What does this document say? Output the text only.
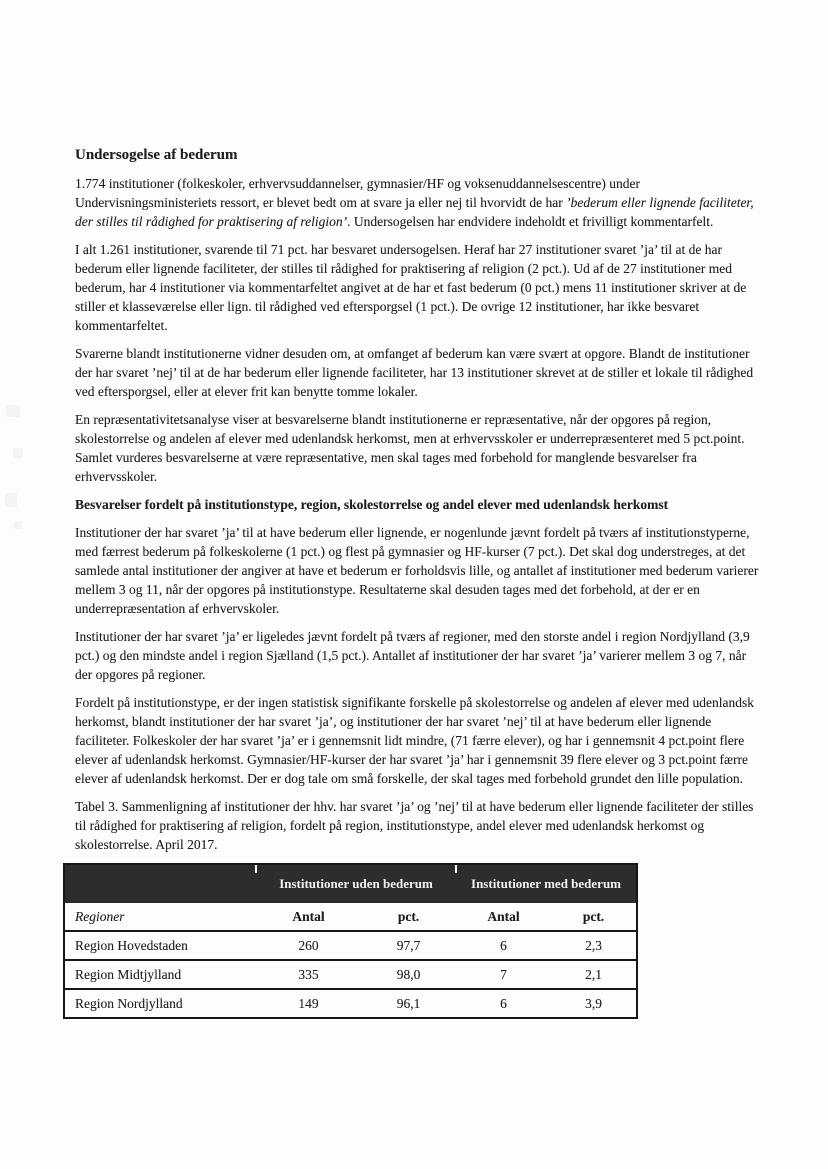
Undersogelse af bederum

1.774 institutioner (folkeskoler, erhvervsuddannelser, gymnasier/HF og voksenuddannelsescentre) under Undervisningsministeriets ressort, er blevet bedt om at svare ja eller nej til hvorvidt de har ’bederum eller lignende faciliteter, der stilles til rådighed for praktisering af religion’. Undersogelsen har endvidere indeholdt et frivilligt kommentarfelt.

I alt 1.261 institutioner, svarende til 71 pct. har besvaret undersogelsen. Heraf har 27 institutioner svaret ’ja’ til at de har bederum eller lignende faciliteter, der stilles til rådighed for praktisering af religion (2 pct.). Ud af de 27 institutioner med bederum, har 4 institutioner via kommentarfeltet angivet at de har et fast bederum (0 pct.) mens 11 institutioner skriver at de stiller et klasseværelse eller lign. til rådighed ved eftersporgsel (1 pct.). De ovrige 12 institutioner, har ikke besvaret kommentarfeltet.

Svarerne blandt institutionerne vidner desuden om, at omfanget af bederum kan være svært at opgore. Blandt de institutioner der har svaret ’nej’ til at de har bederum eller lignende faciliteter, har 13 institutioner skrevet at de stiller et lokale til rådighed ved eftersporgsel, eller at elever frit kan benytte tomme lokaler.

En repræsentativitetsanalyse viser at besvarelserne blandt institutionerne er repræsentative, når der opgores på region, skolestorrelse og andelen af elever med udenlandsk herkomst, men at erhvervsskoler er underrepræsenteret med 5 pct.point. Samlet vurderes besvarelserne at være repræsentative, men skal tages med forbehold for manglende besvarelser fra erhvervsskoler.

Besvarelser fordelt på institutionstype, region, skolestorrelse og andel elever med udenlandsk herkomst

Institutioner der har svaret ’ja’ til at have bederum eller lignende, er nogenlunde jævnt fordelt på tværs af institutionstyperne, med færrest bederum på folkeskolerne (1 pct.) og flest på gymnasier og HF-kurser (7 pct.). Det skal dog understreges, at det samlede antal institutioner der angiver at have et bederum er forholdsvis lille, og antallet af institutioner med bederum varierer mellem 3 og 11, når der opgores på institutionstype. Resultaterne skal desuden tages med det forbehold, at der er en underrepræsentation af erhvervskoler.

Institutioner der har svaret ’ja’ er ligeledes jævnt fordelt på tværs af regioner, med den storste andel i region Nordjylland (3,9 pct.) og den mindste andel i region Sjælland (1,5 pct.). Antallet af institutioner der har svaret ’ja’ varierer mellem 3 og 7, når der opgores på regioner.

Fordelt på institutionstype, er der ingen statistisk signifikante forskelle på skolestorrelse og andelen af elever med udenlandsk herkomst, blandt institutioner der har svaret ’ja’, og institutioner der har svaret ’nej’ til at have bederum eller lignende faciliteter. Folkeskoler der har svaret ’ja’ er i gennemsnit lidt mindre, (71 færre elever), og har i gennemsnit 4 pct.point flere elever af udenlandsk herkomst. Gymnasier/HF-kurser der har svaret ’ja’ har i gennemsnit 39 flere elever og 3 pct.point færre elever af udenlandsk herkomst. Der er dog tale om små forskelle, der skal tages med forbehold grundet den lille population.

Tabel 3. Sammenligning af institutioner der hhv. har svaret ’ja’ og ’nej’ til at have bederum eller lignende faciliteter der stilles til rådighed for praktisering af religion, fordelt på region, institutionstype, andel elever med udenlandsk herkomst og skolestorrelse. April 2017.

	Institutioner uden bederum		Institutioner med bederum	
Regioner	Antal	pct.	Antal	pct.
Region Hovedstaden	260	97,7	6	2,3
Region Midtjylland	335	98,0	7	2,1
Region Nordjylland	149	96,1	6	3,9
